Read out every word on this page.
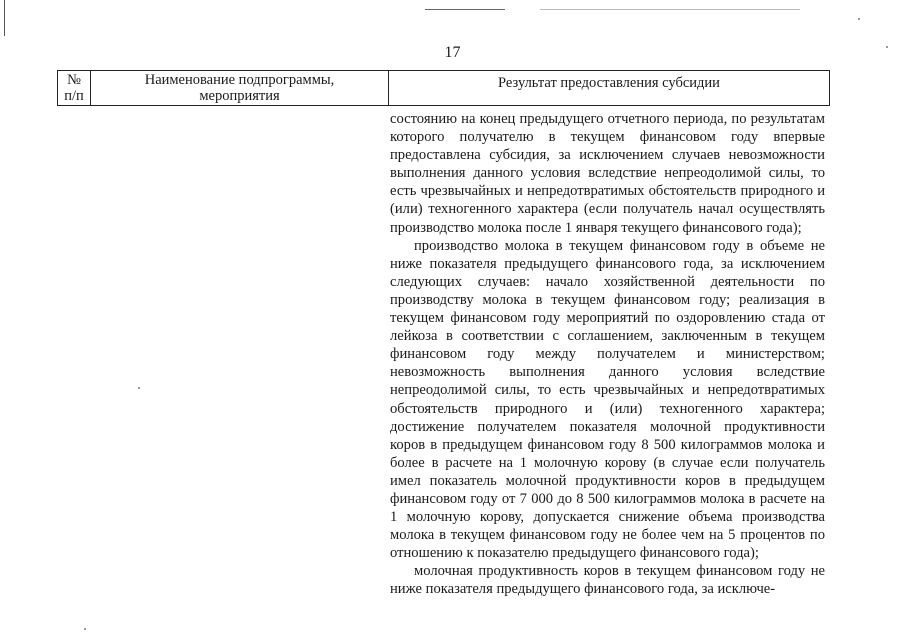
17
№
п/п
Наименование подпрограммы,
мероприятия
Результат предоставления субсидии

состоянию на конец предыдущего отчетного периода, по результатам которого получателю в текущем финансовом году впервые предоставлена субсидия, за исключением случаев невозможности выполнения данного условия вследствие непреодолимой силы, то есть чрезвычайных и непредотвратимых обстоятельств природного и (или) техногенного характера (если получатель начал осуществлять производство молока после 1 января текущего финансового года);

производство молока в текущем финансовом году в объеме не ниже показателя предыдущего финансового года, за исключением следующих случаев: начало хозяйственной деятельности по производству молока в текущем финансовом году; реализация в текущем финансовом году мероприятий по оздоровлению стада от лейкоза в соответствии с соглашением, заключенным в текущем финансовом году между получателем и министерством; невозможность выполнения данного условия вследствие непреодолимой силы, то есть чрезвычайных и непредотвратимых обстоятельств природного и (или) техногенного характера; достижение получателем показателя молочной продуктивности коров в предыдущем финансовом году 8 500 килограммов молока и более в расчете на 1 молочную корову (в случае если получатель имел показатель молочной продуктивности коров в предыдущем финансовом году от 7 000 до 8 500 килограммов молока в расчете на 1 молочную корову, допускается снижение объема производства молока в текущем финансовом году не более чем на 5 процентов по отношению к показателю предыдущего финансового года);

молочная продуктивность коров в текущем финансовом году не ниже показателя предыдущего финансового года, за исключе-
